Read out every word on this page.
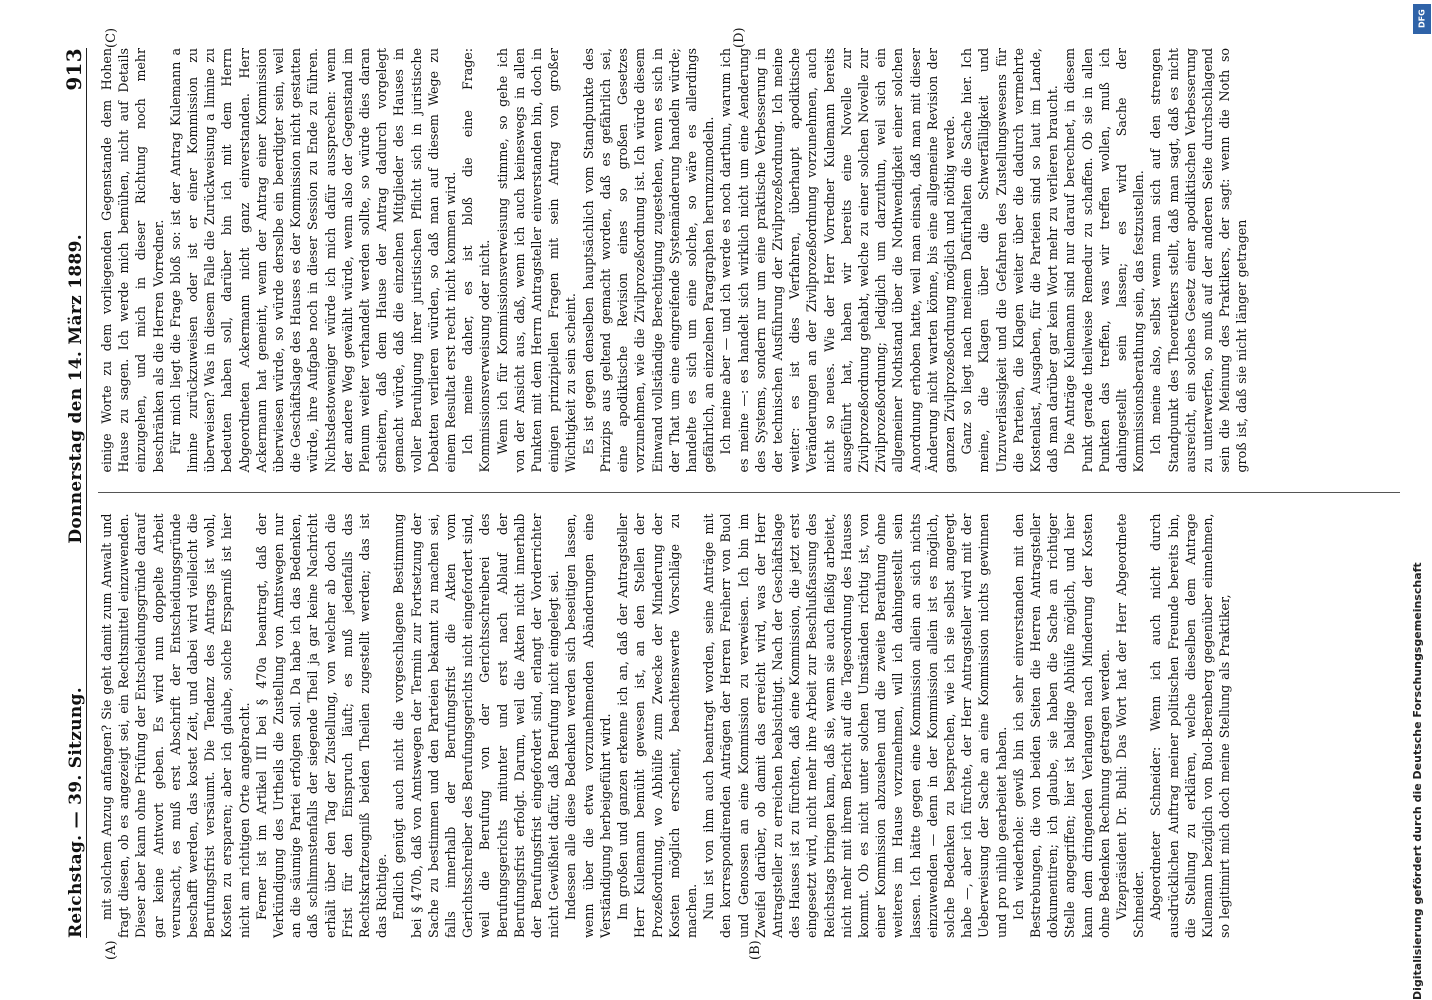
Reichstag. — 39. Sitzung.
Donnerstag den 14. März 1889.
913

mit solchem Anzug anfangen? Sie geht damit zum Anwalt und fragt diesen, ob es angezeigt sei, ein Rechtsmittel einzuwenden. Dieser aber kann ohne Prüfung der Entscheidungsgründe darauf gar keine Antwort geben. Es wird nun doppelte Arbeit verursacht, es muß erst Abschrift der Entscheidungsgründe beschafft werden, das kostet Zeit, und dabei wird vielleicht die Berufungsfrist versäumt. Die Tendenz des Antrags ist wohl, Kosten zu ersparen; aber ich glaube, solche Ersparniß ist hier nicht am richtigen Orte angebracht. Ferner ist im Artikel III bei § 470a beantragt, daß der Verkündigung des Urtheils die Zustellung von Amtswegen nur an die säumige Partei erfolgen soll. Da habe ich das Bedenken, daß schlimmstenfalls der siegende Theil ja gar keine Nachricht erhält über den Tag der Zustellung, von welcher ab doch die Frist für den Einspruch läuft; es muß jedenfalls das Rechtskraftzeugniß beiden Theilen zugestellt werden; das ist das Richtige. Endlich genügt auch nicht die vorgeschlagene Bestimmung bei § 470b, daß von Amtswegen der Termin zur Fortsetzung der Sache zu bestimmen und den Parteien bekannt zu machen sei, falls innerhalb der Berufungsfrist die Akten vom Gerichtsschreiber des Berufungsgerichts nicht eingefordert sind, weil die Berufung von der Gerichtsschreiberei des Berufungsgerichts mitunter und erst nach Ablauf der Berufungsfrist erfolgt. Darum, weil die Akten nicht innerhalb der Berufungsfrist eingefordert sind, erlangt der Vorderrichter nicht Gewißheit dafür, daß Berufung nicht eingelegt sei. Indessen alle diese Bedenken werden sich beseitigen lassen, wenn über die etwa vorzunehmenden Abänderungen eine Verständigung herbeigeführt wird. Im großen und ganzen erkenne ich an, daß der Antragsteller Herr Kulemann bemüht gewesen ist, an den Stellen der Prozeßordnung, wo Abhülfe zum Zwecke der Minderung der Kosten möglich erscheint, beachtenswerte Vorschläge zu machen. Nun ist von ihm auch beantragt worden, seine Anträge mit den korrespondirenden Anträgen der Herren Freiherr von Buol und Genossen an eine Kommission zu verweisen. Ich bin im Zweifel darüber, ob damit das erreicht wird, was der Herr Antragsteller zu erreichen beabsichtigt. Nach der Geschäftslage des Hauses ist zu fürchten, daß eine Kommission, die jetzt erst eingesetzt wird, nicht mehr ihre Arbeit zur Beschlußfassung des Reichstags bringen kann, daß sie, wenn sie auch fleißig arbeitet, nicht mehr mit ihrem Bericht auf die Tagesordnung des Hauses kommt. Ob es nicht unter solchen Umständen richtig ist, von einer Kommission abzusehen und die zweite Berathung ohne weiteres im Hause vorzunehmen, will ich dahingestellt sein lassen. Ich hätte gegen eine Kommission allein an sich nichts einzuwenden — denn in der Kommission allein ist es möglich, solche Bedenken zu besprechen, wie ich sie selbst angeregt habe —, aber ich fürchte, der Herr Antragsteller wird mit der Ueberweisung der Sache an eine Kommission nichts gewinnen und pro nihilo gearbeitet haben. Ich wiederhole: gewiß bin ich sehr einverstanden mit den Bestrebungen, die von beiden Seiten die Herren Antragsteller dokumentiren; ich glaube, sie haben die Sache an richtiger Stelle angegriffen; hier ist baldige Abhülfe möglich, und hier kann dem dringenden Verlangen nach Minderung der Kosten ohne Bedenken Rechnung getragen werden. Vizepräsident Dr. Buhl: Das Wort hat der Herr Abgeordnete Schneider. Abgeordneter Schneider: Wenn ich auch nicht durch ausdrücklichen Auftrag meiner politischen Freunde bereits bin, die Stellung zu erklären, welche dieselben dem Antrage Kulemann bezüglich von Buol-Berenberg gegenüber einnehmen, so legitimirt mich doch meine Stellung als Praktiker,

einige Worte zu dem vorliegenden Gegenstande dem Hohen Hause zu sagen. Ich werde mich bemühen, nicht auf Details einzugehen, und mich in dieser Richtung noch mehr beschränken als die Herren Vorredner. Für mich liegt die Frage bloß so: ist der Antrag Kulemann a limine zurückzuweisen oder ist er einer Kommission zu überweisen? Was in diesem Falle die Zurückweisung a limine zu bedeuten haben soll, darüber bin ich mit dem Herrn Abgeordneten Ackermann nicht ganz einverstanden. Herr Ackermann hat gemeint, wenn der Antrag einer Kommission überwiesen würde, so würde derselbe ein beerdigter sein, weil die Geschäftslage des Hauses es der Kommission nicht gestatten würde, ihre Aufgabe noch in dieser Session zu Ende zu führen. Nichtsdestoweniger würde ich mich dafür aussprechen: wenn der andere Weg gewählt würde, wenn also der Gegenstand im Plenum weiter verhandelt werden sollte, so würde dies daran scheitern, daß dem Hause der Antrag dadurch vorgelegt gemacht würde, daß die einzelnen Mitglieder des Hauses in voller Beruhigung ihrer juristischen Pflicht sich in juristische Debatten verlieren würden, so daß man auf diesem Wege zu einem Resultat erst recht nicht kommen wird. Ich meine daher, es ist bloß die eine Frage: Kommissionsverweisung oder nicht. Wenn ich für Kommissionsverweisung stimme, so gehe ich von der Ansicht aus, daß, wenn ich auch keineswegs in allen Punkten mit dem Herrn Antragsteller einverstanden bin, doch in einigen prinzipiellen Fragen mit sein Antrag von großer Wichtigkeit zu sein scheint. Es ist gegen denselben hauptsächlich vom Standpunkte des Prinzips aus geltend gemacht worden, daß es gefährlich sei, eine apodiktische Revision eines so großen Gesetzes vorzunehmen, wie die Zivilprozeßordnung ist. Ich würde diesem Einwand vollständige Berechtigung zugestehen, wenn es sich in der That um eine eingreifende Systemänderung handeln würde; handelte es sich um eine solche, so wäre es allerdings gefährlich, an einzelnen Paragraphen herumzumodeln. Ich meine aber — und ich werde es noch darthun, warum ich es meine —: es handelt sich wirklich nicht um eine Aenderung des Systems, sondern nur um eine praktische Verbesserung in der technischen Ausführung der Zivilprozeßordnung. Ich meine weiter: es ist dies Verfahren, überhaupt apodiktische Veränderungen an der Zivilprozeßordnung vorzunehmen, auch nicht so neues. Wie der Herr Vorredner Kulemann bereits ausgeführt hat, haben wir bereits eine Novelle zur Zivilprozeßordnung gehabt, welche zu einer solchen Novelle zur Zivilprozeßordnung; lediglich um darzuthun, weil sich ein allgemeiner Nothstand über die Nothwendigkeit einer solchen Anordnung erhoben hatte, weil man einsah, daß man mit dieser Änderung nicht warten könne, bis eine allgemeine Revision der ganzen Zivilprozeßordnung möglich und nöthig werde. Ganz so liegt nach meinem Dafürhalten die Sache hier. Ich meine, die Klagen über die Schwerfälligkeit und Unzuverlässigkeit und die Gefahren des Zustellungswesens für die Parteien, die Klagen weiter über die dadurch vermehrte Kostenlast, Ausgaben, für die Parteien sind so laut im Lande, daß man darüber gar kein Wort mehr zu verlieren braucht. Die Anträge Kulemann sind nur darauf berechnet, in diesem Punkt gerade theilweise Remedur zu schaffen. Ob sie in allen Punkten das treffen, was wir treffen wollen, muß ich dahingestellt sein lassen; es wird Sache der Kommissionsberathung sein, das festzustellen. Ich meine also, selbst wenn man sich auf den strengen Standpunkt des Theoretikers stellt, daß man sagt, daß es nicht ausreicht, ein solches Gesetz einer apodiktischen Verbesserung zu unterwerfen, so muß auf der anderen Seite durchschlagend sein die Meinung des Praktikers, der sagt: wenn die Noth so groß ist, daß sie nicht länger getragen

(A)	(B)
(C)	(D)
DFG
Digitalisierung gefördert durch die Deutsche Forschungsgemeinschaft
